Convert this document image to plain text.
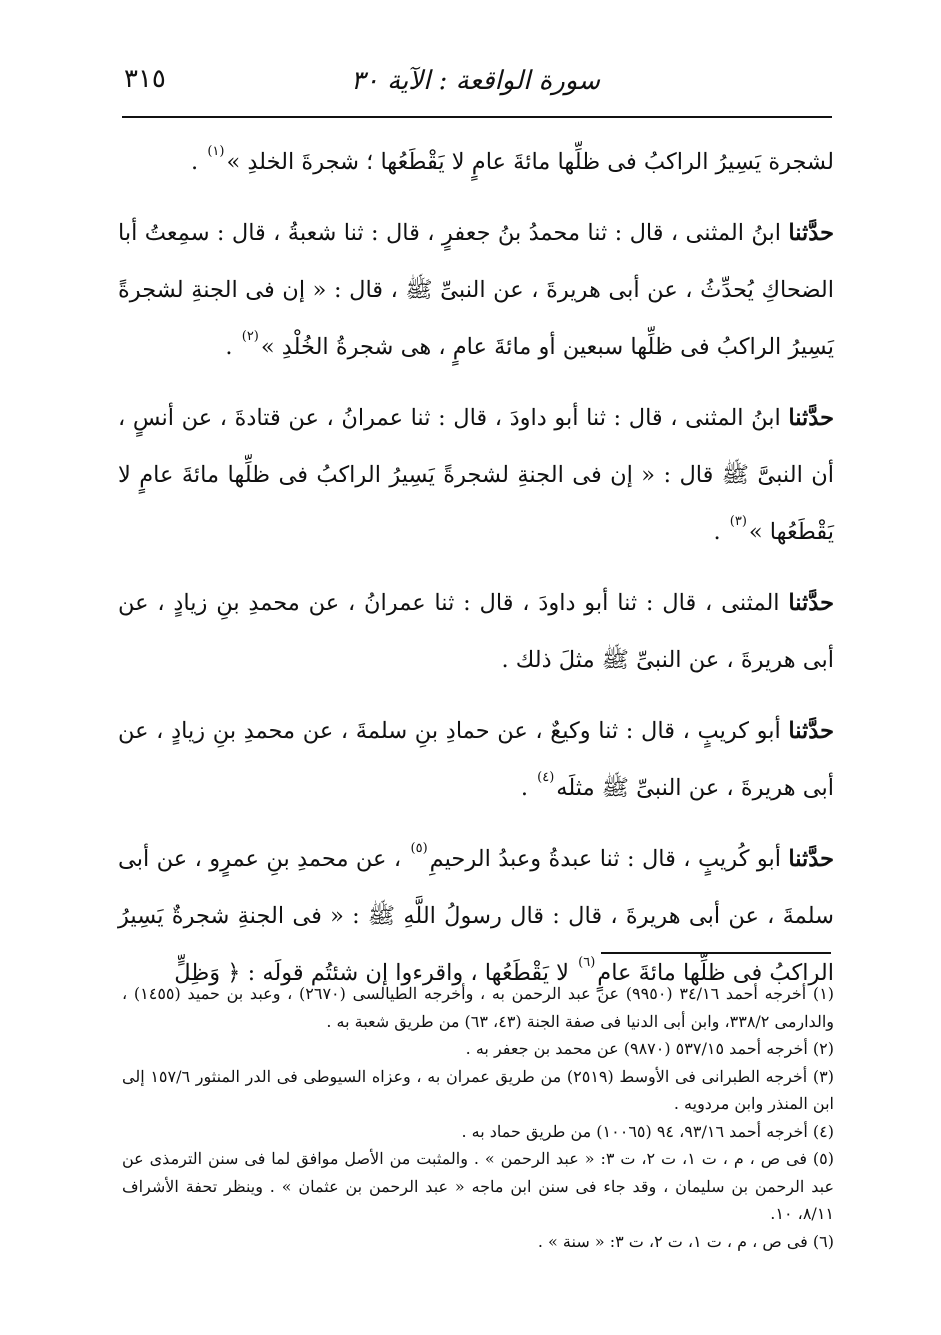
سورة الواقعة : الآية ٣٠
٣١٥

لشجرة يَسِيرُ الراكبُ فى ظلِّها مائةَ عامٍ لا يَقْطَعُها ؛ شجرةَ الخلدِ »$^{(١)}$ .

حدَّثنا ابنُ المثنى ، قال : ثنا محمدُ بنُ جعفرٍ ، قال : ثنا شعبةُ ، قال : سمِعتُ أبا الضحاكِ يُحدِّثُ ، عن أبى هريرةَ ، عن النبىِّ ﷺ ، قال : « إن فى الجنةِ لشجرةً يَسِيرُ الراكبُ فى ظلِّها سبعين أو مائةَ عامٍ ، هى شجرةُ الخُلْدِ »$^{(٢)}$ .

حدَّثنا ابنُ المثنى ، قال : ثنا أبو داودَ ، قال : ثنا عمرانُ ، عن قتادةَ ، عن أنسٍ ، أن النبىَّ ﷺ قال : « إن فى الجنةِ لشجرةً يَسِيرُ الراكبُ فى ظلِّها مائةَ عامٍ لا يَقْطَعُها »$^{(٣)}$ .

حدَّثنا المثنى ، قال : ثنا أبو داودَ ، قال : ثنا عمرانُ ، عن محمدِ بنِ زيادٍ ، عن أبى هريرةَ ، عن النبىِّ ﷺ مثلَ ذلك .

حدَّثنا أبو كريبٍ ، قال : ثنا وكيعٌ ، عن حمادِ بنِ سلمةَ ، عن محمدِ بنِ زيادٍ ، عن أبى هريرةَ ، عن النبىِّ ﷺ مثلَه$^{(٤)}$ .

حدَّثنا أبو كُريبٍ ، قال : ثنا عبدةُ وعبدُ الرحيمِ$^{(٥)}$ ، عن محمدِ بنِ عمرٍو ، عن أبى سلمةَ ، عن أبى هريرةَ ، قال : قال رسولُ اللَّهِ ﷺ : « فى الجنةِ شجرةٌ يَسِيرُ الراكبُ فى ظلِّها مائةَ عامٍ$^{(٦)}$ لا يَقْطَعُها ، واقرءوا إن شئتُم قولَه : ﴿ وَظِلٍّ

(١) أخرجه أحمد ٣٤/١٦ (٩٩٥٠) عن عبد الرحمن به ، وأخرجه الطيالسى (٢٦٧٠) ، وعبد بن حميد (١٤٥٥) ، والدارمى ٣٣٨/٢، وابن أبى الدنيا فى صفة الجنة (٤٣، ٦٣) من طريق شعبة به .

(٢) أخرجه أحمد ٥٣٧/١٥ (٩٨٧٠) عن محمد بن جعفر به .

(٣) أخرجه الطبرانى فى الأوسط (٢٥١٩) من طريق عمران به ، وعزاه السيوطى فى الدر المنثور ١٥٧/٦ إلى ابن المنذر وابن مردويه .

(٤) أخرجه أحمد ٩٣/١٦، ٩٤ (١٠٠٦٥) من طريق حماد به .

(٥) فى ص ، م ، ت ١، ت ٢، ت ٣: « عبد الرحمن » . والمثبت من الأصل موافق لما فى سنن الترمذى عن عبد الرحمن بن سليمان ، وقد جاء فى سنن ابن ماجه « عبد الرحمن بن عثمان » . وينظر تحفة الأشراف ٨/١١، ١٠.

(٦) فى ص ، م ، ت ١، ت ٢، ت ٣: « سنة » .
